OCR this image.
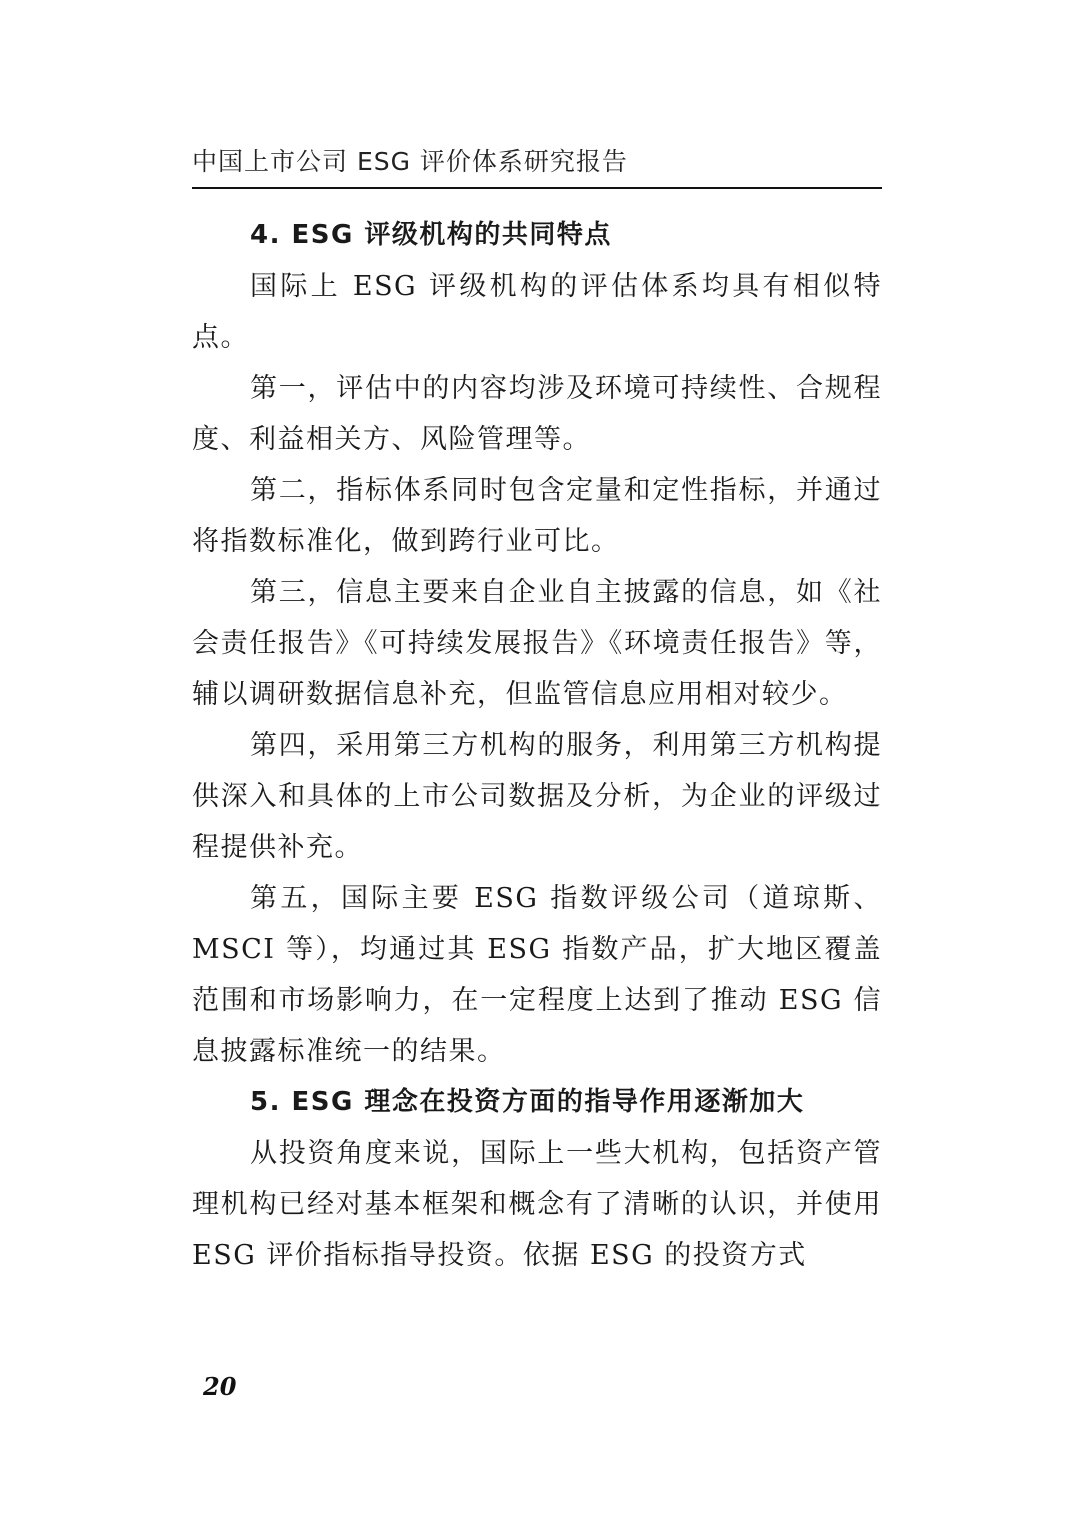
中国上市公司 ESG 评价体系研究报告

4. ESG 评级机构的共同特点

国际上 ESG 评级机构的评估体系均具有相似特点。

第一，评估中的内容均涉及环境可持续性、合规程度、利益相关方、风险管理等。

第二，指标体系同时包含定量和定性指标，并通过将指数标准化，做到跨行业可比。

第三，信息主要来自企业自主披露的信息，如《社会责任报告》《可持续发展报告》《环境责任报告》等，辅以调研数据信息补充，但监管信息应用相对较少。

第四，采用第三方机构的服务，利用第三方机构提供深入和具体的上市公司数据及分析，为企业的评级过程提供补充。

第五，国际主要 ESG 指数评级公司（道琼斯、MSCI 等），均通过其 ESG 指数产品，扩大地区覆盖范围和市场影响力，在一定程度上达到了推动 ESG 信息披露标准统一的结果。

5. ESG 理念在投资方面的指导作用逐渐加大

从投资角度来说，国际上一些大机构，包括资产管理机构已经对基本框架和概念有了清晰的认识，并使用 ESG 评价指标指导投资。依据 ESG 的投资方式

20
